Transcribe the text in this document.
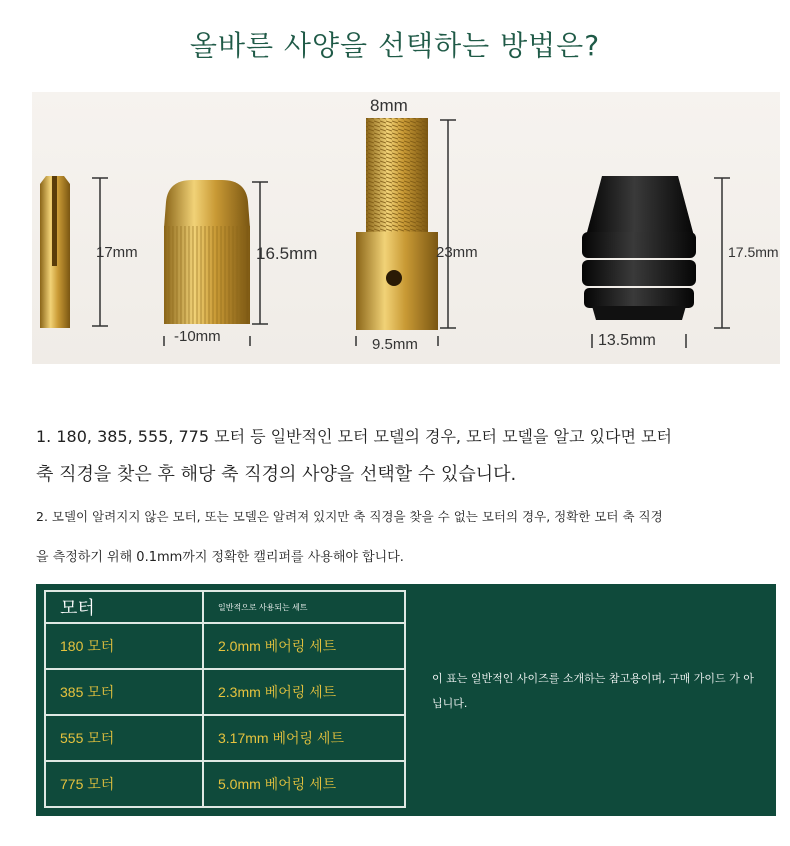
올바른 사양을 선택하는 방법은?
17mm	16.5mm
-10mm
8mm
23mm
9.5mm
17.5mm
13.5mm
1. 180, 385, 555, 775 모터 등 일반적인 모터 모델의 경우, 모터 모델을 알고 있다면 모터
축 직경을 찾은 후 해당 축 직경의 사양을 선택할 수 있습니다.
2. 모델이 알려지지 않은 모터, 또는 모델은 알려져 있지만 축 직경을 찾을 수 없는 모터의 경우, 정확한 모터 축 직경
을 측정하기 위해 0.1mm까지 정확한 캘리퍼를 사용해야 합니다.
모터	일반적으로 사용되는 세트
180 모터	2.0mm 베어링 세트
385 모터	2.3mm 베어링 세트
555 모터	3.17mm 베어링 세트
775 모터	5.0mm 베어링 세트
이 표는 일반적인 사이즈를 소개하는 참고용이며, 구매 가이드 가 아닙니다.
